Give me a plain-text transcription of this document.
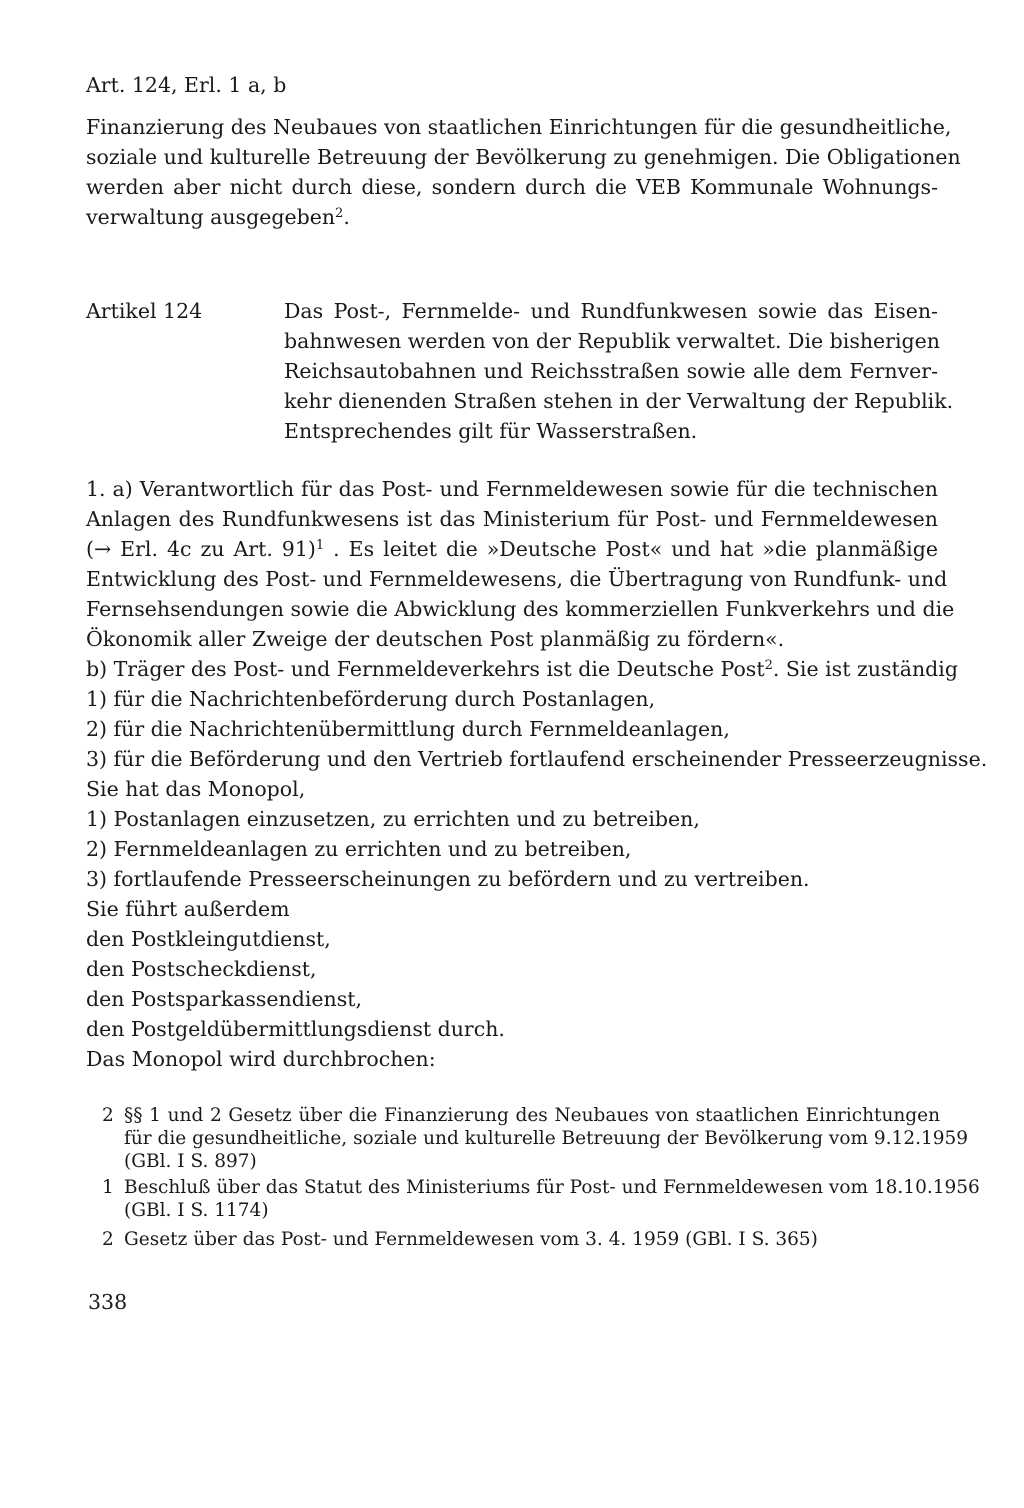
Art. 124, Erl. 1 a, b
Finanzierung des Neubaues von staatlichen Einrichtungen für die gesundheitliche,
soziale und kulturelle Betreuung der Bevölkerung zu genehmigen. Die Obligationen
werden aber nicht durch diese, sondern durch die VEB Kommunale Wohnungs-
verwaltung ausgegeben$^2$.
Artikel 124	Das Post-, Fernmelde- und Rundfunkwesen sowie das Eisen-
bahnwesen werden von der Republik verwaltet. Die bisherigen
Reichsautobahnen und Reichsstraßen sowie alle dem Fernver-
kehr dienenden Straßen stehen in der Verwaltung der Republik.
Entsprechendes gilt für Wasserstraßen.
1. a) Verantwortlich für das Post- und Fernmeldewesen sowie für die technischen
Anlagen des Rundfunkwesens ist das Ministerium für Post- und Fernmeldewesen
(→ Erl. 4c zu Art. 91)$^1$ . Es leitet die »Deutsche Post« und hat »die planmäßige
Entwicklung des Post- und Fernmeldewesens, die Übertragung von Rundfunk- und
Fernsehsendungen sowie die Abwicklung des kommerziellen Funkverkehrs und die
Ökonomik aller Zweige der deutschen Post planmäßig zu fördern«.
b) Träger des Post- und Fernmeldeverkehrs ist die Deutsche Post$^2$. Sie ist zuständig
1) für die Nachrichtenbeförderung durch Postanlagen,
2) für die Nachrichtenübermittlung durch Fernmeldeanlagen,
3) für die Beförderung und den Vertrieb fortlaufend erscheinender Presseerzeugnisse.
Sie hat das Monopol,
1) Postanlagen einzusetzen, zu errichten und zu betreiben,
2) Fernmeldeanlagen zu errichten und zu betreiben,
3) fortlaufende Presseerscheinungen zu befördern und zu vertreiben.
Sie führt außerdem
den Postkleingutdienst,
den Postscheckdienst,
den Postsparkassendienst,
den Postgeldübermittlungsdienst durch.
Das Monopol wird durchbrochen:
2 §§ 1 und 2 Gesetz über die Finanzierung des Neubaues von staatlichen Einrichtungen
für die gesundheitliche, soziale und kulturelle Betreuung der Bevölkerung vom 9.12.1959
(GBl. I S. 897)
1 Beschluß über das Statut des Ministeriums für Post- und Fernmeldewesen vom 18.10.1956
(GBl. I S. 1174)
2 Gesetz über das Post- und Fernmeldewesen vom 3. 4. 1959 (GBl. I S. 365)
338
